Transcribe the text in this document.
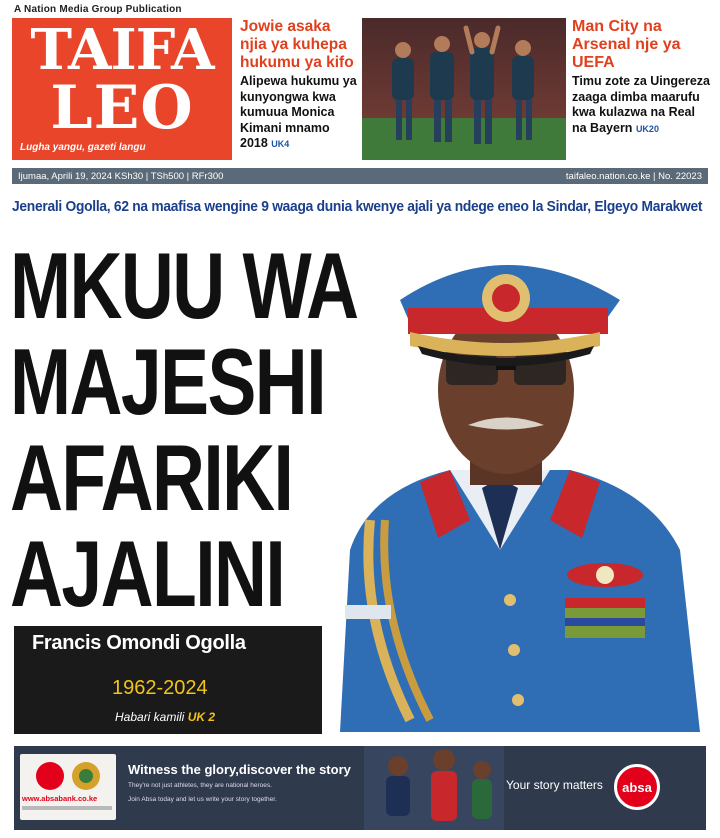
A Nation Media Group Publication
TAIFA
LEO
Lugha yangu, gazeti langu
Jowie asaka njia ya kuhepa hukumu ya kifo
Alipewa hukumu ya kunyongwa kwa kumuua Monica Kimani mnamo 2018 UK4
Man City na Arsenal nje ya UEFA
Timu zote za Uingereza zaaga dimba maarufu kwa kulazwa na Real na Bayern UK20
Ijumaa, Aprili 19, 2024 KSh30 | TSh500 | RFr300	taifaleo.nation.co.ke | No. 22023
Jenerali Ogolla, 62 na maafisa wengine 9 waaga dunia kwenye ajali ya ndege eneo la Sindar, Elgeyo Marakwet
MKUU WA
MAJESHI
AFARIKI
AJALINI
Francis Omondi Ogolla
1962-2024
Habari kamili UK 2
www.absabank.co.ke
Witness the glory,discover the story
They're not just athletes, they are national heroes.
Join Absa today and let us write your story together.
Your story matters	absa
